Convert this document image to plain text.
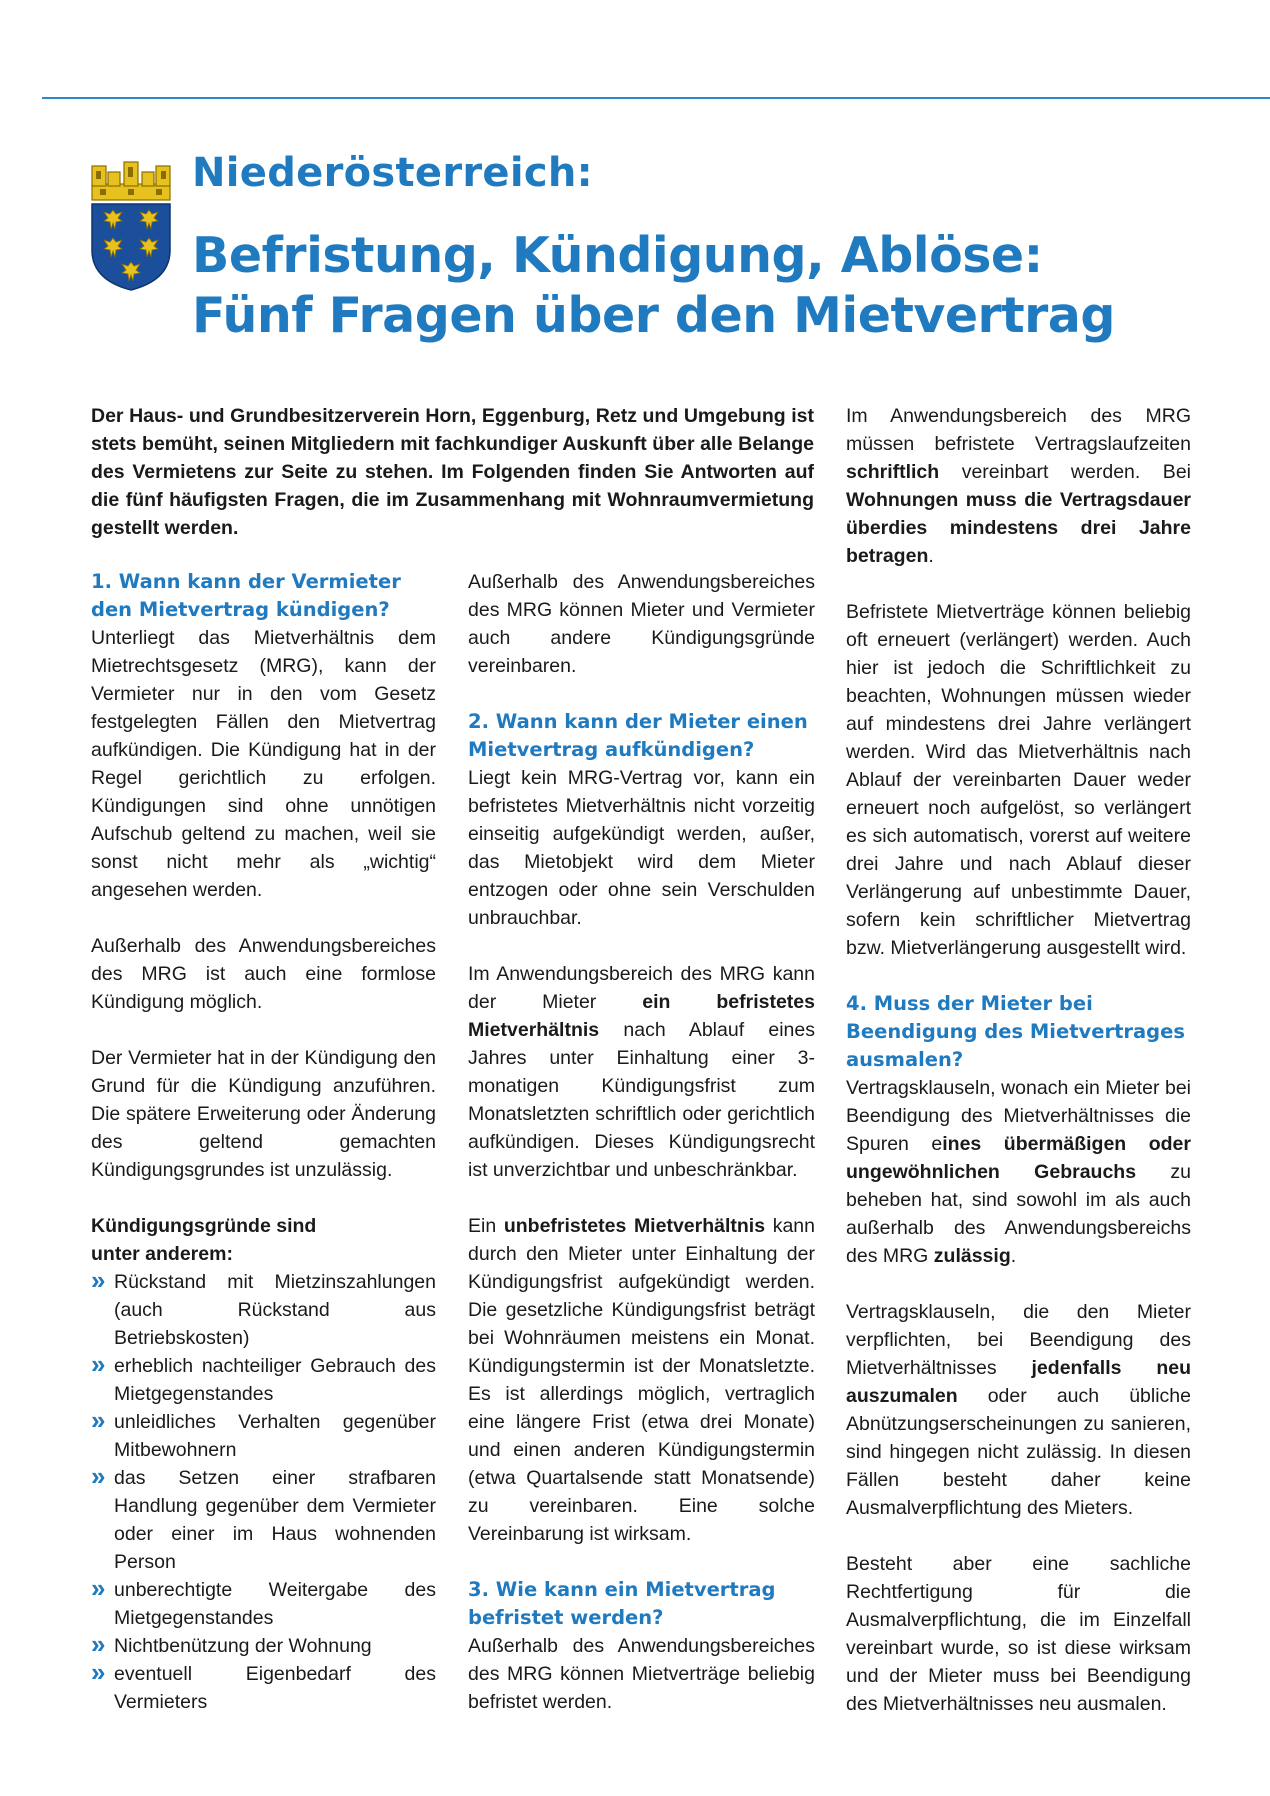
Niederösterreich:
Befristung, Kündigung, Ablöse:
Fünf Fragen über den Mietvertrag

Der Haus- und Grundbesitzerverein Horn, Eggenburg, Retz und Umgebung ist stets bemüht, seinen Mitgliedern mit fachkundiger Auskunft über alle Belange des Vermietens zur Seite zu stehen. Im Folgenden finden Sie Antworten auf die fünf häufigsten Fragen, die im Zusammenhang mit Wohnraumvermietung gestellt werden.

1. Wann kann der Vermieter den Mietvertrag kündigen?

Unterliegt das Mietverhältnis dem Mietrechtsgesetz (MRG), kann der Vermieter nur in den vom Gesetz festgelegten Fällen den Mietvertrag aufkündigen. Die Kündigung hat in der Regel gerichtlich zu erfolgen. Kündigungen sind ohne unnötigen Aufschub geltend zu machen, weil sie sonst nicht mehr als „wichtig“ angesehen werden.

Außerhalb des Anwendungsbereiches des MRG ist auch eine formlose Kündigung möglich.

Der Vermieter hat in der Kündigung den Grund für die Kündigung anzuführen. Die spätere Erweiterung oder Änderung des geltend gemachten Kündigungsgrundes ist unzulässig.

Kündigungsgründe sind
unter anderem:

» Rückstand mit Mietzinszahlungen (auch Rückstand aus Betriebskosten)
» erheblich nachteiliger Gebrauch des Mietgegenstandes
» unleidliches Verhalten gegenüber Mitbewohnern
» das Setzen einer strafbaren Handlung gegenüber dem Vermieter oder einer im Haus wohnenden Person
» unberechtigte Weitergabe des Mietgegenstandes
» Nichtbenützung der Wohnung
» eventuell Eigenbedarf des Vermieters

Außerhalb des Anwendungsbereiches des MRG können Mieter und Vermieter auch andere Kündigungsgründe vereinbaren.

2. Wann kann der Mieter einen Mietvertrag aufkündigen?

Liegt kein MRG-Vertrag vor, kann ein befristetes Mietverhältnis nicht vorzeitig einseitig aufgekündigt werden, außer, das Mietobjekt wird dem Mieter entzogen oder ohne sein Verschulden unbrauchbar.

Im Anwendungsbereich des MRG kann der Mieter ein befristetes Mietverhältnis nach Ablauf eines Jahres unter Einhaltung einer 3-monatigen Kündigungsfrist zum Monatsletzten schriftlich oder gerichtlich aufkündigen. Dieses Kündigungsrecht ist unverzichtbar und unbeschränkbar.

Ein unbefristetes Mietverhältnis kann durch den Mieter unter Einhaltung der Kündigungsfrist aufgekündigt werden. Die gesetzliche Kündigungsfrist beträgt bei Wohnräumen meistens ein Monat. Kündigungstermin ist der Monatsletzte. Es ist allerdings möglich, vertraglich eine längere Frist (etwa drei Monate) und einen anderen Kündigungstermin (etwa Quartalsende statt Monatsende) zu vereinbaren. Eine solche Vereinbarung ist wirksam.

3. Wie kann ein Mietvertrag befristet werden?

Außerhalb des Anwendungsbereiches des MRG können Mietverträge beliebig befristet werden.

Im Anwendungsbereich des MRG müssen befristete Vertragslaufzeiten schriftlich vereinbart werden. Bei Wohnungen muss die Vertragsdauer überdies mindestens drei Jahre betragen.

Befristete Mietverträge können beliebig oft erneuert (verlängert) werden. Auch hier ist jedoch die Schriftlichkeit zu beachten, Wohnungen müssen wieder auf mindestens drei Jahre verlängert werden. Wird das Mietverhältnis nach Ablauf der vereinbarten Dauer weder erneuert noch aufgelöst, so verlängert es sich automatisch, vorerst auf weitere drei Jahre und nach Ablauf dieser Verlängerung auf unbestimmte Dauer, sofern kein schriftlicher Mietvertrag bzw. Mietverlängerung ausgestellt wird.

4. Muss der Mieter bei Beendigung des Mietvertrages ausmalen?

Vertragsklauseln, wonach ein Mieter bei Beendigung des Mietverhältnisses die Spuren eines übermäßigen oder ungewöhnlichen Gebrauchs zu beheben hat, sind sowohl im als auch außerhalb des Anwendungsbereichs des MRG zulässig.

Vertragsklauseln, die den Mieter verpflichten, bei Beendigung des Mietverhältnisses jedenfalls neu auszumalen oder auch übliche Abnützungserscheinungen zu sanieren, sind hingegen nicht zulässig. In diesen Fällen besteht daher keine Ausmalverpflichtung des Mieters.

Besteht aber eine sachliche Rechtfertigung für die Ausmalverpflichtung, die im Einzelfall vereinbart wurde, so ist diese wirksam und der Mieter muss bei Beendigung des Mietverhältnisses neu ausmalen.
